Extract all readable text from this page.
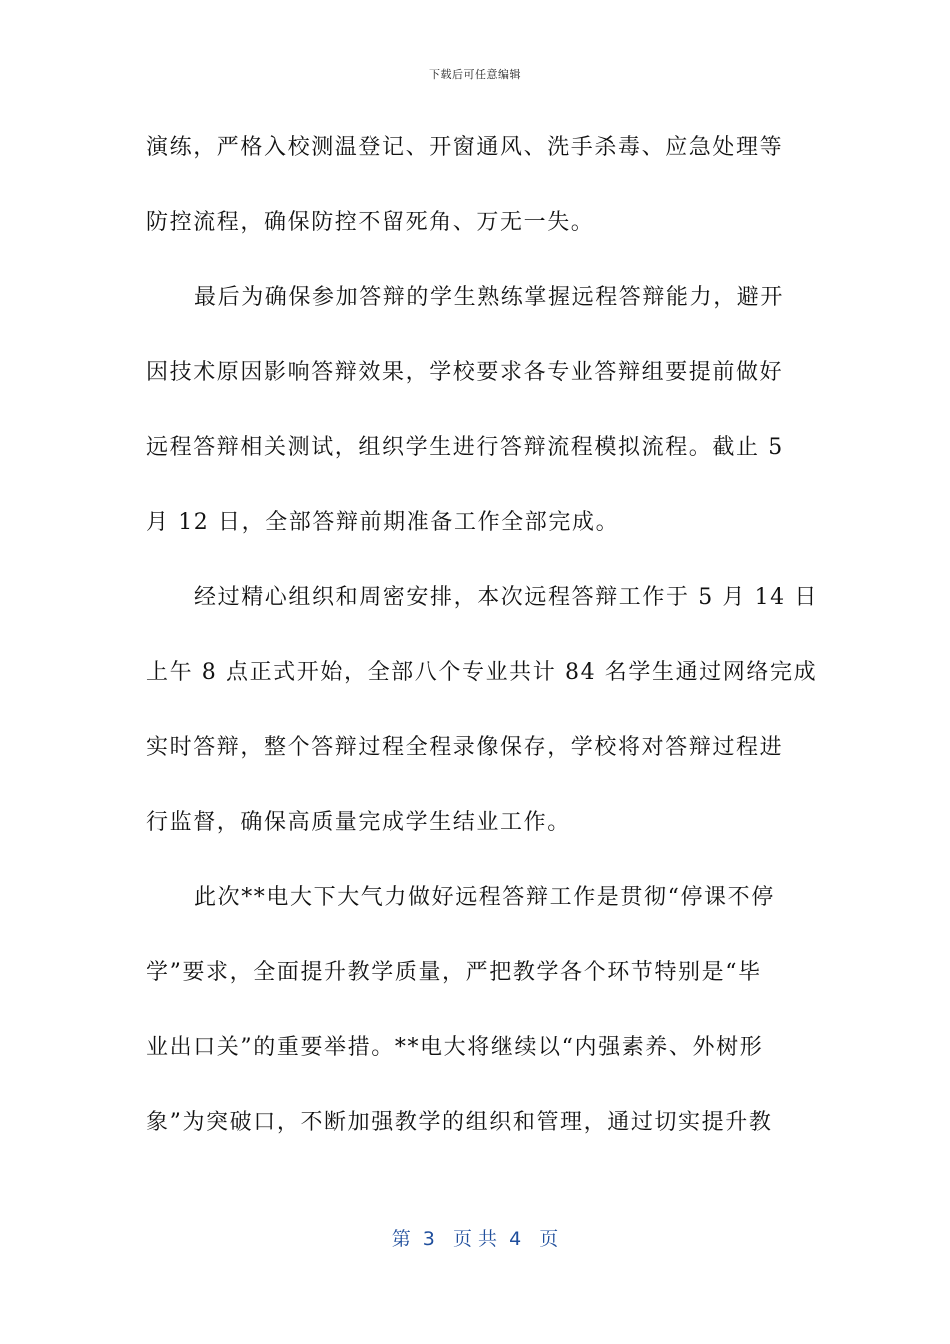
下载后可任意编辑
演练，严格入校测温登记、开窗通风、洗手杀毒、应急处理等
防控流程，确保防控不留死角、万无一失。
最后为确保参加答辩的学生熟练掌握远程答辩能力，避开
因技术原因影响答辩效果，学校要求各专业答辩组要提前做好
远程答辩相关测试，组织学生进行答辩流程模拟流程。截止 5
月 12 日，全部答辩前期准备工作全部完成。
经过精心组织和周密安排，本次远程答辩工作于 5 月 14 日
上午 8 点正式开始，全部八个专业共计 84 名学生通过网络完成
实时答辩，整个答辩过程全程录像保存，学校将对答辩过程进
行监督，确保高质量完成学生结业工作。
此次**电大下大气力做好远程答辩工作是贯彻“停课不停
学”要求，全面提升教学质量，严把教学各个环节特别是“毕
业出口关”的重要举措。**电大将继续以“内强素养、外树形
象”为突破口，不断加强教学的组织和管理，通过切实提升教
第  3   页 共  4   页
